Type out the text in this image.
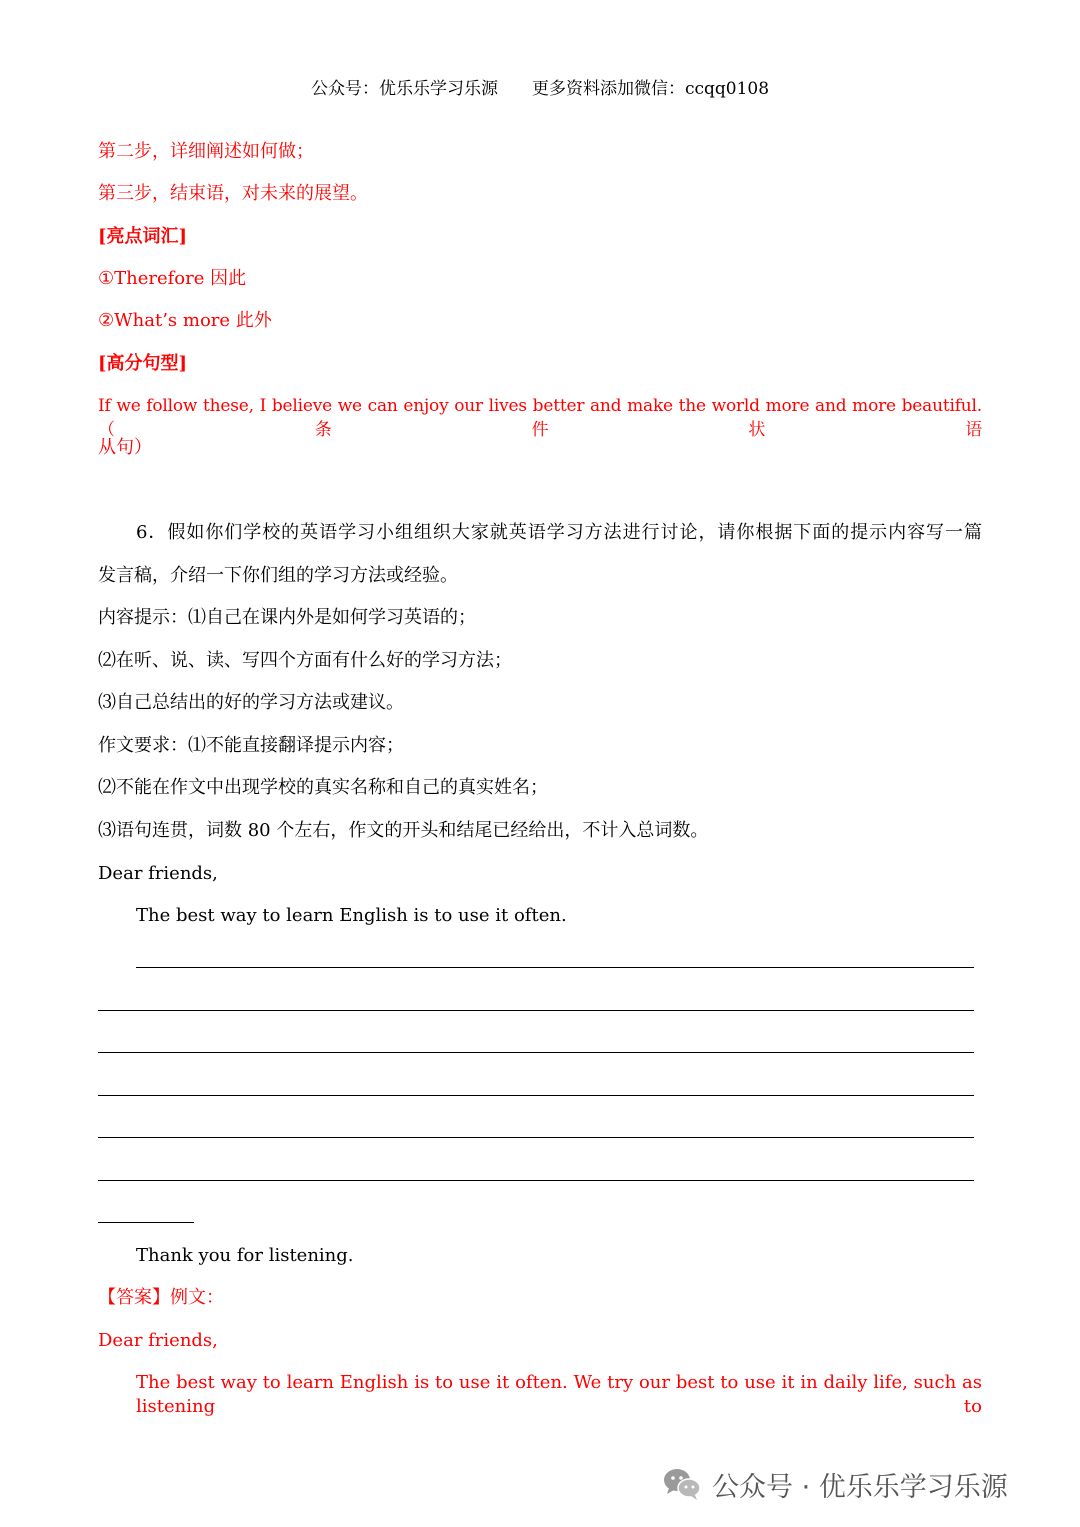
公众号：优乐乐学习乐源 更多资料添加微信：ccqq0108
第二步，详细阐述如何做；
第三步，结束语，对未来的展望。
[亮点词汇]
①Therefore 因此
②What’s more 此外
[高分句型]
If we follow these, I believe we can enjoy our lives better and make the world more and more beautiful.（条件状语
从句）
6．假如你们学校的英语学习小组组织大家就英语学习方法进行讨论，请你根据下面的提示内容写一篇
发言稿，介绍一下你们组的学习方法或经验。
内容提示：⑴自己在课内外是如何学习英语的；
⑵在听、说、读、写四个方面有什么好的学习方法；
⑶自己总结出的好的学习方法或建议。
作文要求：⑴不能直接翻译提示内容；
⑵不能在作文中出现学校的真实名称和自己的真实姓名；
⑶语句连贯，词数 80 个左右，作文的开头和结尾已经给出，不计入总词数。
Dear friends,
The best way to learn English is to use it often.
Thank you for listening.
【答案】例文：
Dear friends,
The best way to learn English is to use it often. We try our best to use it in daily life, such as listening to
公众号 · 优乐乐学习乐源
